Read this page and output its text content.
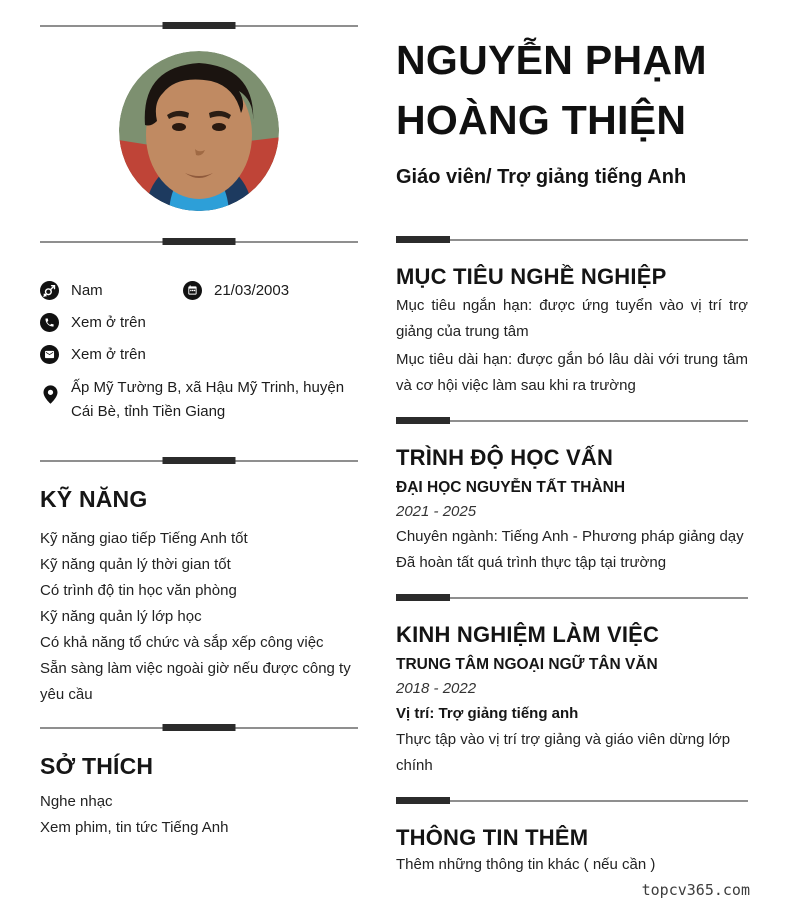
Nam	21/03/2003
Xem ở trên
Xem ở trên
Ấp Mỹ Tường B, xã Hậu Mỹ Trinh, huyện Cái Bè, tỉnh Tiền Giang
KỸ NĂNG
Kỹ năng giao tiếp Tiếng Anh tốt
Kỹ năng quản lý thời gian tốt
Có trình độ tin học văn phòng
Kỹ năng quản lý lớp học
Có khả năng tổ chức và sắp xếp công việc
Sẵn sàng làm việc ngoài giờ nếu được công ty yêu cầu
SỞ THÍCH
Nghe nhạc
Xem phim, tin tức Tiếng Anh
NGUYỄN PHẠM
HOÀNG THIỆN
Giáo viên/ Trợ giảng tiếng Anh
MỤC TIÊU NGHỀ NGHIỆP

Mục tiêu ngắn hạn: được ứng tuyển vào vị trí trợ giảng của trung tâm

Mục tiêu dài hạn: được gắn bó lâu dài với trung tâm và cơ hội việc làm sau khi ra trường

TRÌNH ĐỘ HỌC VẤN
ĐẠI HỌC NGUYỄN TẤT THÀNH
2021 - 2025
Chuyên ngành: Tiếng Anh - Phương pháp giảng dạy
Đã hoàn tất quá trình thực tập tại trường
KINH NGHIỆM LÀM VIỆC
TRUNG TÂM NGOẠI NGỮ TÂN VĂN
2018 - 2022
Vị trí: Trợ giảng tiếng anh
Thực tập vào vị trí trợ giảng và giáo viên dừng lớp chính
THÔNG TIN THÊM
Thêm những thông tin khác ( nếu cần )
topcv365.com
